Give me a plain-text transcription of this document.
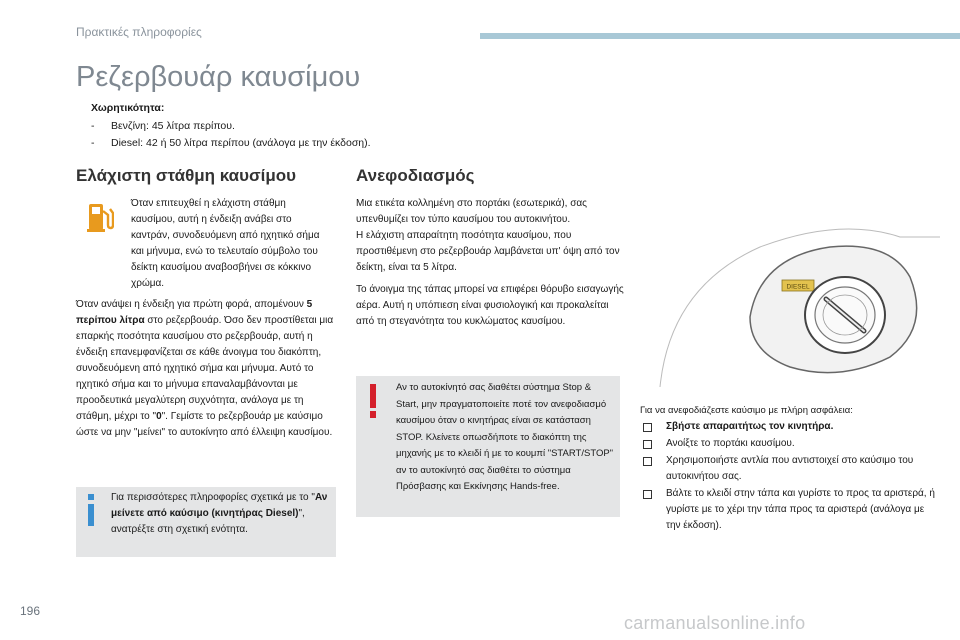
Πρακτικές πληροφορίες
Ρεζερβουάρ καυσίμου
Χωρητικότητα:
- Βενζίνη: 45 λίτρα περίπου.
- Diesel: 42 ή 50 λίτρα περίπου (ανάλογα με την έκδοση).
Ελάχιστη στάθμη καυσίμου

Όταν επιτευχθεί η ελάχιστη στάθμη καυσίμου, αυτή η ένδειξη ανάβει στο καντράν, συνοδευόμενη από ηχητικό σήμα και μήνυμα, ενώ το τελευταίο σύμβολο του δείκτη καυσίμου αναβοσβήνει σε κόκκινο χρώμα.

Όταν ανάψει η ένδειξη για πρώτη φορά, απομένουν 5 περίπου λίτρα στο ρεζερβουάρ. Όσο δεν προστίθεται μια επαρκής ποσότητα καυσίμου στο ρεζερβουάρ, αυτή η ένδειξη επανεμφανίζεται σε κάθε άνοιγμα του διακόπτη, συνοδευόμενη από ηχητικό σήμα και μήνυμα. Αυτό το ηχητικό σήμα και το μήνυμα επαναλαμβάνονται με προοδευτικά μεγαλύτερη συχνότητα, ανάλογα με τη στάθμη, μέχρι το "0". Γεμίστε το ρεζερβουάρ με καύσιμο ώστε να μην "μείνει" το αυτοκίνητο από έλλειψη καυσίμου.

Για περισσότερες πληροφορίες σχετικά με το "Αν μείνετε από καύσιμο (κινητήρας Diesel)", ανατρέξτε στη σχετική ενότητα.

Ανεφοδιασμός

Μια ετικέτα κολλημένη στο πορτάκι (εσωτερικά), σας υπενθυμίζει τον τύπο καυσίμου του αυτοκινήτου.

Η ελάχιστη απαραίτητη ποσότητα καυσίμου, που προστιθέμενη στο ρεζερβουάρ λαμβάνεται υπ' όψη από τον δείκτη, είναι τα 5 λίτρα.

Το άνοιγμα της τάπας μπορεί να επιφέρει θόρυβο εισαγωγής αέρα. Αυτή η υπόπιεση είναι φυσιολογική και προκαλείται από τη στεγανότητα του κυκλώματος καυσίμου.

Αν το αυτοκίνητό σας διαθέτει σύστημα Stop & Start, μην πραγματοποιείτε ποτέ τον ανεφοδιασμό καυσίμου όταν ο κινητήρας είναι σε κατάσταση STOP. Κλείνετε οπωσδήποτε το διακόπτη της μηχανής με το κλειδί ή με το κουμπί "START/STOP" αν το αυτοκίνητό σας διαθέτει το σύστημα Πρόσβασης και Εκκίνησης Hands-free.

DIESEL
Για να ανεφοδιάζεστε καύσιμο με πλήρη ασφάλεια:
Σβήστε απαραιτήτως τον κινητήρα.
Ανοίξτε το πορτάκι καυσίμου.
Χρησιμοποιήστε αντλία που αντιστοιχεί στο καύσιμο του αυτοκινήτου σας.
Βάλτε το κλειδί στην τάπα και γυρίστε το προς τα αριστερά, ή γυρίστε με το χέρι την τάπα προς τα αριστερά (ανάλογα με την έκδοση).
196
carmanualsonline.info
